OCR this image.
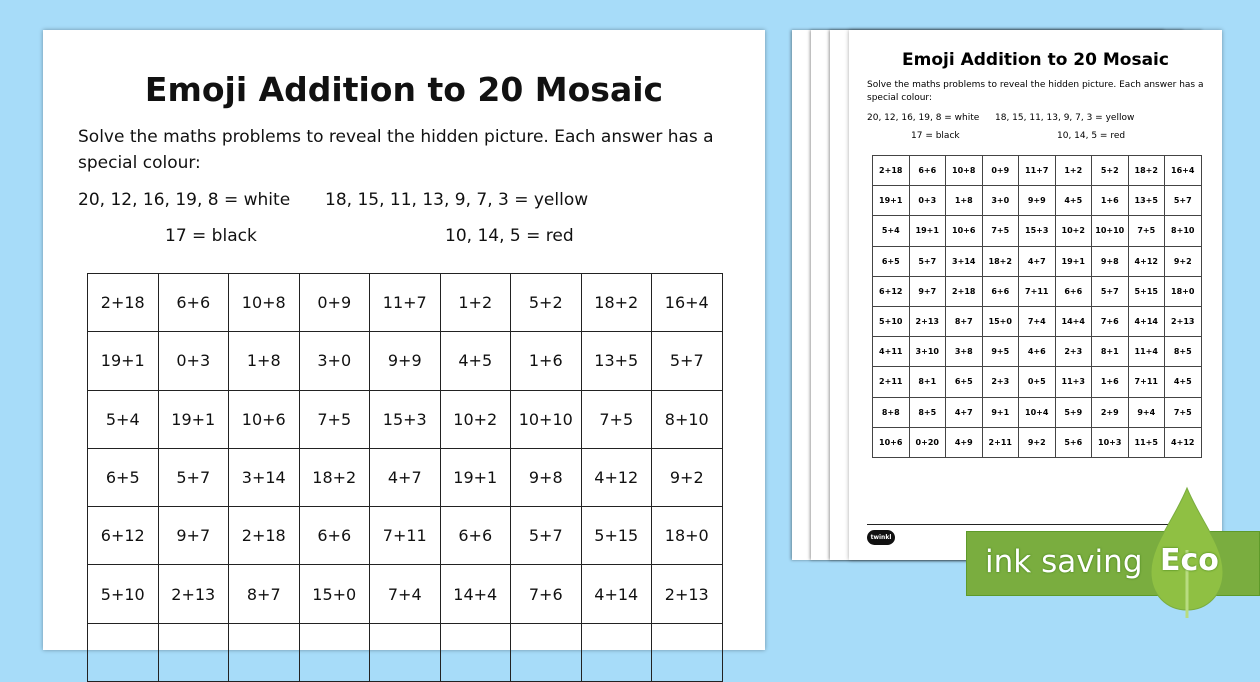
Emoji Addition to 20 Mosaic
Solve the maths problems to reveal the hidden picture. Each answer has a special colour:
20, 12, 16, 19, 8 = white 18, 15, 11, 13, 9, 7, 3 = yellow
17 = black	10, 14, 5 = red
2+18	6+6	10+8	0+9	11+7	1+2	5+2	18+2	16+4
19+1	0+3	1+8	3+0	9+9	4+5	1+6	13+5	5+7
5+4	19+1	10+6	7+5	15+3	10+2	10+10	7+5	8+10
6+5	5+7	3+14	18+2	4+7	19+1	9+8	4+12	9+2
6+12	9+7	2+18	6+6	7+11	6+6	5+7	5+15	18+0
5+10	2+13	8+7	15+0	7+4	14+4	7+6	4+14	2+13

Emoji Addition to 20 Mosaic
Solve the maths problems to reveal the hidden picture. Each answer has a special colour:
20, 12, 16, 19, 8 = white 18, 15, 11, 13, 9, 7, 3 = yellow
17 = black	10, 14, 5 = red
2+18	6+6	10+8	0+9	11+7	1+2	5+2	18+2	16+4
19+1	0+3	1+8	3+0	9+9	4+5	1+6	13+5	5+7
5+4	19+1	10+6	7+5	15+3	10+2	10+10	7+5	8+10
6+5	5+7	3+14	18+2	4+7	19+1	9+8	4+12	9+2
6+12	9+7	2+18	6+6	7+11	6+6	5+7	5+15	18+0
5+10	2+13	8+7	15+0	7+4	14+4	7+6	4+14	2+13
4+11	3+10	3+8	9+5	4+6	2+3	8+1	11+4	8+5
2+11	8+1	6+5	2+3	0+5	11+3	1+6	7+11	4+5
8+8	8+5	4+7	9+1	10+4	5+9	2+9	9+4	7+5
10+6	0+20	4+9	2+11	9+2	5+6	10+3	11+5	4+12
twinkl
ink saving Eco
